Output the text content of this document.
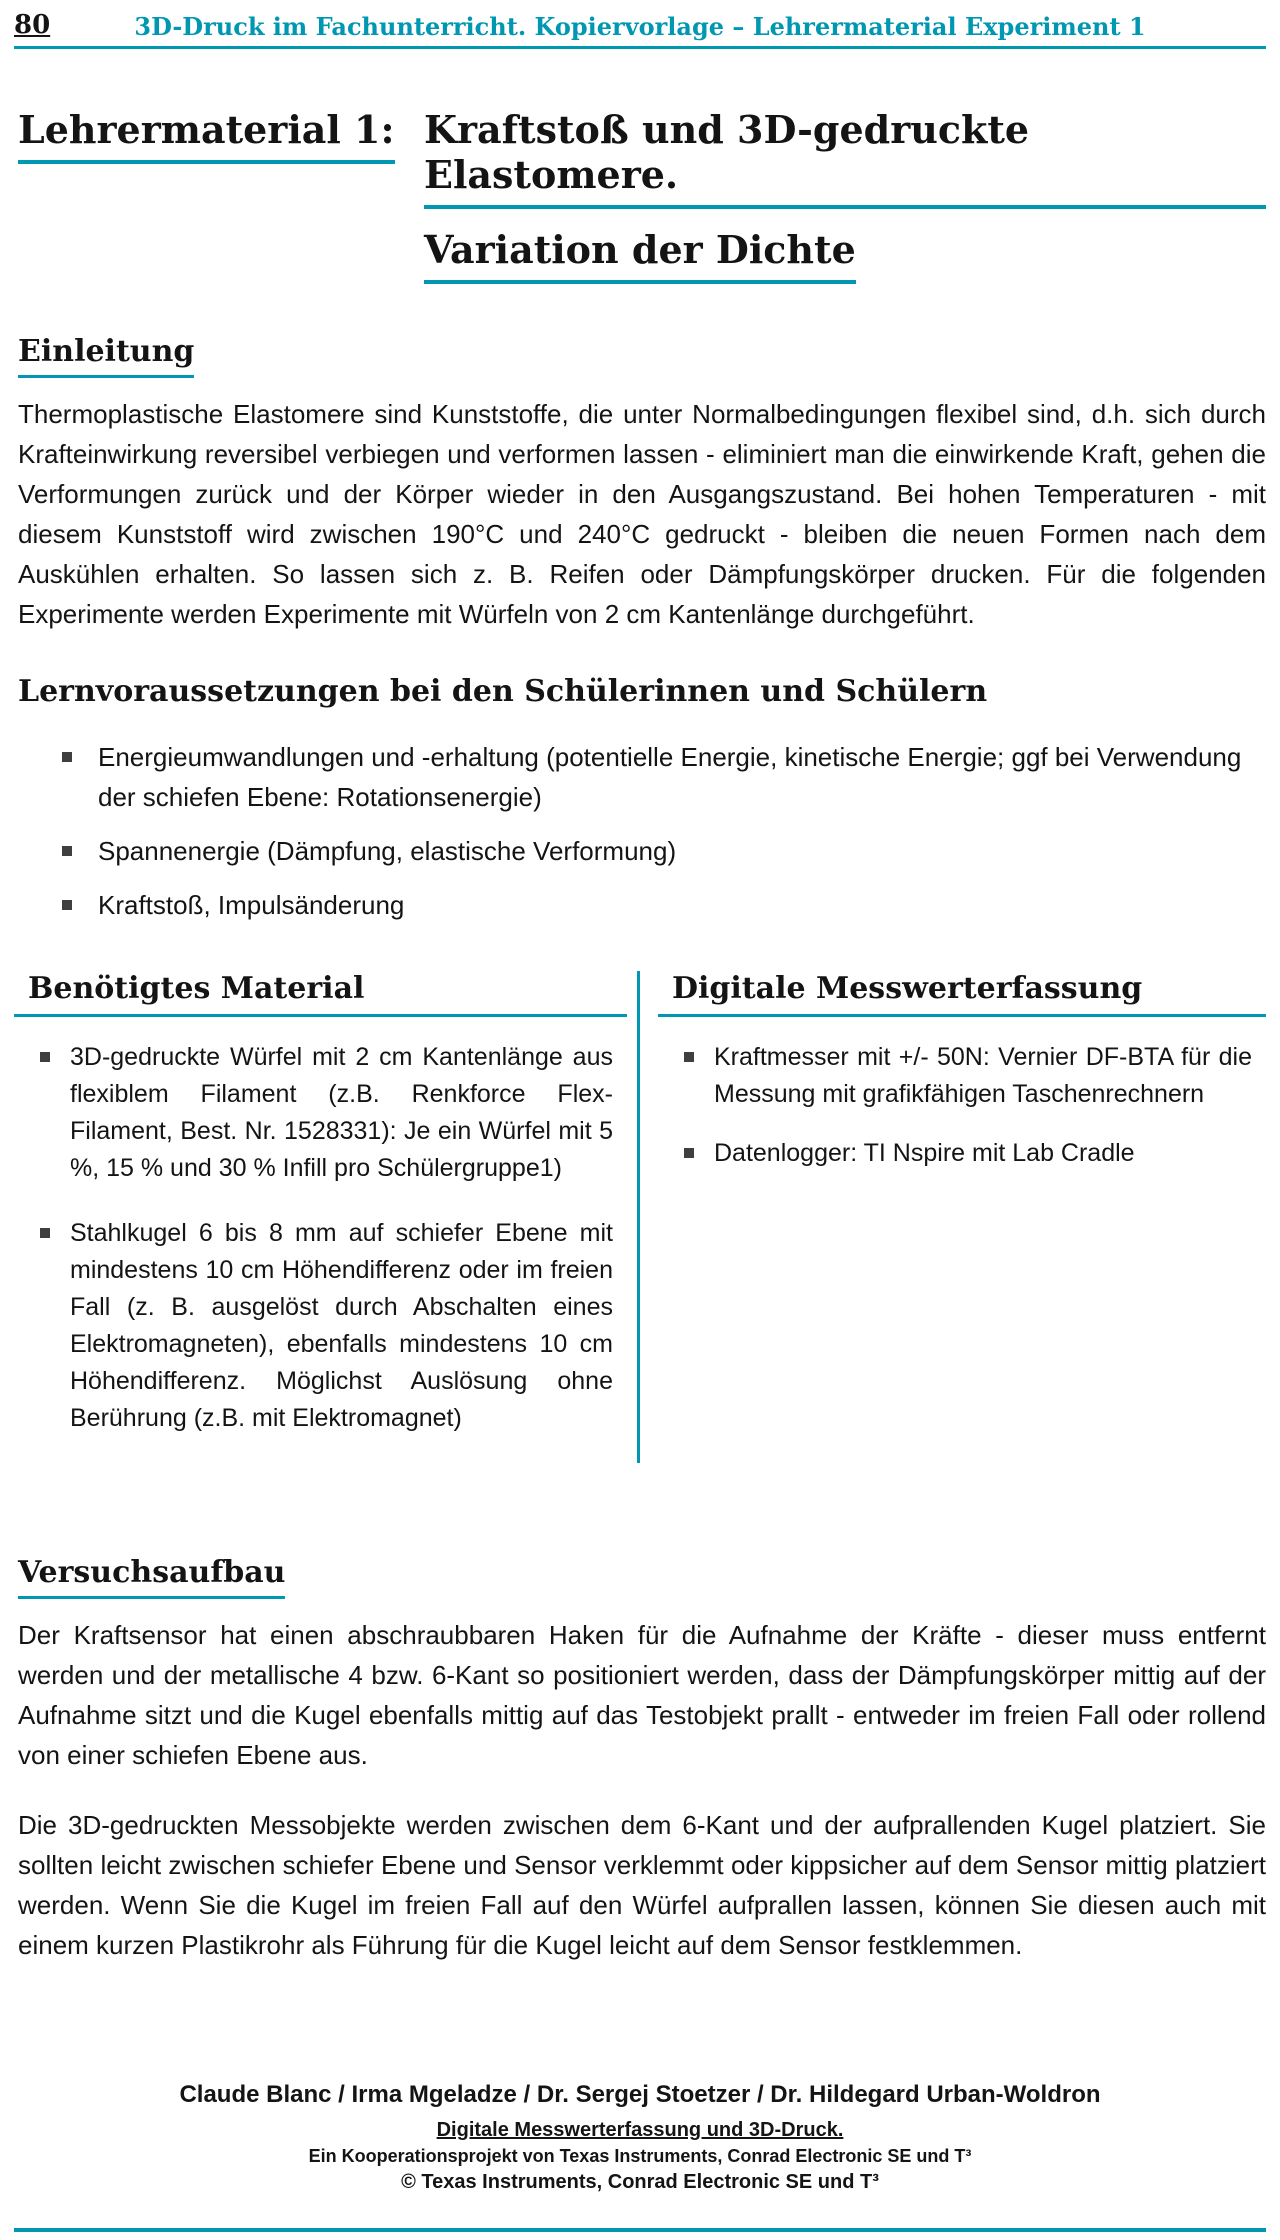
80	3D-Druck im Fachunterricht. Kopiervorlage – Lehrermaterial Experiment 1
Lehrermaterial 1: Kraftstoß und 3D-gedruckte Elastomere.
Variation der Dichte
Einleitung

Thermoplastische Elastomere sind Kunststoffe, die unter Normalbedingungen flexibel sind, d.h. sich durch Krafteinwirkung reversibel verbiegen und verformen lassen - eliminiert man die einwirkende Kraft, gehen die Verformungen zurück und der Körper wieder in den Ausgangszustand. Bei hohen Temperaturen - mit diesem Kunststoff wird zwischen 190°C und 240°C gedruckt - bleiben die neuen Formen nach dem Auskühlen erhalten. So lassen sich z. B. Reifen oder Dämpfungskörper drucken. Für die folgenden Experimente werden Experimente mit Würfeln von 2 cm Kantenlänge durchgeführt.

Lernvoraussetzungen bei den Schülerinnen und Schülern
Energieumwandlungen und -erhaltung (potentielle Energie, kinetische Energie; ggf bei Verwendung der schiefen Ebene: Rotationsenergie)
Spannenergie (Dämpfung, elastische Verformung)
Kraftstoß, Impulsänderung
Benötigtes Material
3D-gedruckte Würfel mit 2 cm Kantenlänge aus flexiblem Filament (z.B. Renkforce Flex-Filament, Best. Nr. 1528331): Je ein Würfel mit 5 %, 15 % und 30 % Infill pro Schülergruppe1)
Stahlkugel 6 bis 8 mm auf schiefer Ebene mit mindestens 10 cm Höhendifferenz oder im freien Fall (z. B. ausgelöst durch Abschalten eines Elektromagneten), ebenfalls mindestens 10 cm Höhendifferenz. Möglichst Auslösung ohne Berührung (z.B. mit Elektromagnet)
Digitale Messwerterfassung
Kraftmesser mit +/- 50N: Vernier DF-BTA für die Messung mit grafikfähigen Taschenrechnern
Datenlogger: TI Nspire mit Lab Cradle
Versuchsaufbau

Der Kraftsensor hat einen abschraubbaren Haken für die Aufnahme der Kräfte - dieser muss entfernt werden und der metallische 4 bzw. 6-Kant so positioniert werden, dass der Dämpfungskörper mittig auf der Aufnahme sitzt und die Kugel ebenfalls mittig auf das Testobjekt prallt - entweder im freien Fall oder rollend von einer schiefen Ebene aus.

Die 3D-gedruckten Messobjekte werden zwischen dem 6-Kant und der aufprallenden Kugel platziert. Sie sollten leicht zwischen schiefer Ebene und Sensor verklemmt oder kippsicher auf dem Sensor mittig platziert werden. Wenn Sie die Kugel im freien Fall auf den Würfel aufprallen lassen, können Sie diesen auch mit einem kurzen Plastikrohr als Führung für die Kugel leicht auf dem Sensor festklemmen.

Claude Blanc / Irma Mgeladze / Dr. Sergej Stoetzer / Dr. Hildegard Urban-Woldron
Digitale Messwerterfassung und 3D-Druck.
Ein Kooperationsprojekt von Texas Instruments, Conrad Electronic SE und T³
© Texas Instruments, Conrad Electronic SE und T³
